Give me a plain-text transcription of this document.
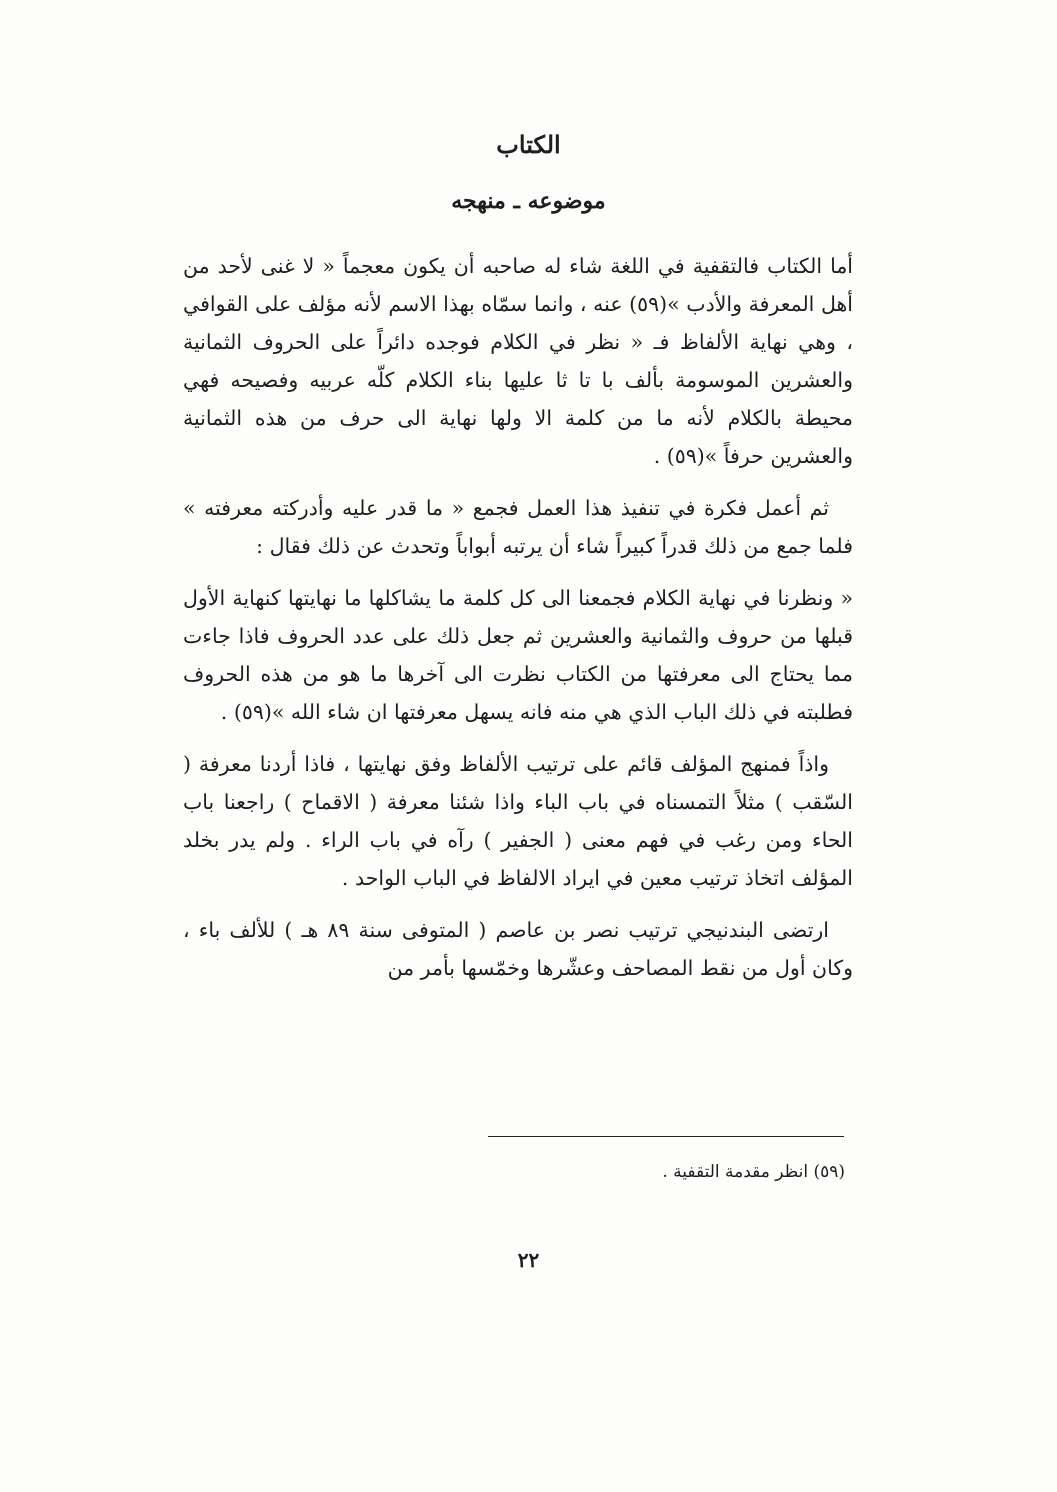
الكتاب
موضوعه ـ منهجه

أما الكتاب فالتقفية في اللغة شاء له صاحبه أن يكون معجماً « لا غنى لأحد من أهل المعرفة والأدب »(٥٩) عنه ، وانما سمّاه بهذا الاسم لأنه مؤلف على القوافي ، وهي نهاية الألفاظ فـ « نظر في الكلام فوجده دائراً على الحروف الثمانية والعشرين الموسومة بألف با تا ثا عليها بناء الكلام كلّه عربيه وفصيحه فهي محيطة بالكلام لأنه ما من كلمة الا ولها نهاية الى حرف من هذه الثمانية والعشرين حرفاً »(٥٩) .

ثم أعمل فكرة في تنفيذ هذا العمل فجمع « ما قدر عليه وأدركته معرفته » فلما جمع من ذلك قدراً كبيراً شاء أن يرتبه أبواباً وتحدث عن ذلك فقال :

« ونظرنا في نهاية الكلام فجمعنا الى كل كلمة ما يشاكلها ما نهايتها كنهاية الأول قبلها من حروف والثمانية والعشرين ثم جعل ذلك على عدد الحروف فاذا جاءت مما يحتاج الى معرفتها من الكتاب نظرت الى آخرها ما هو من هذه الحروف فطلبته في ذلك الباب الذي هي منه فانه يسهل معرفتها ان شاء الله »(٥٩) .

واذاً فمنهج المؤلف قائم على ترتيب الألفاظ وفق نهايتها ، فاذا أردنا معرفة ( السّقب ) مثلاً التمسناه في باب الباء واذا شئنا معرفة ( الاقماح ) راجعنا باب الحاء ومن رغب في فهم معنى ( الجفير ) رآه في باب الراء . ولم يدر بخلد المؤلف اتخاذ ترتيب معين في ايراد الالفاظ في الباب الواحد .

ارتضى البندنيجي ترتيب نصر بن عاصم ( المتوفى سنة ٨٩ هـ ) للألف باء ، وكان أول من نقط المصاحف وعشّرها وخمّسها بأمر من

(٥٩) انظر مقدمة التقفية .
٢٢
